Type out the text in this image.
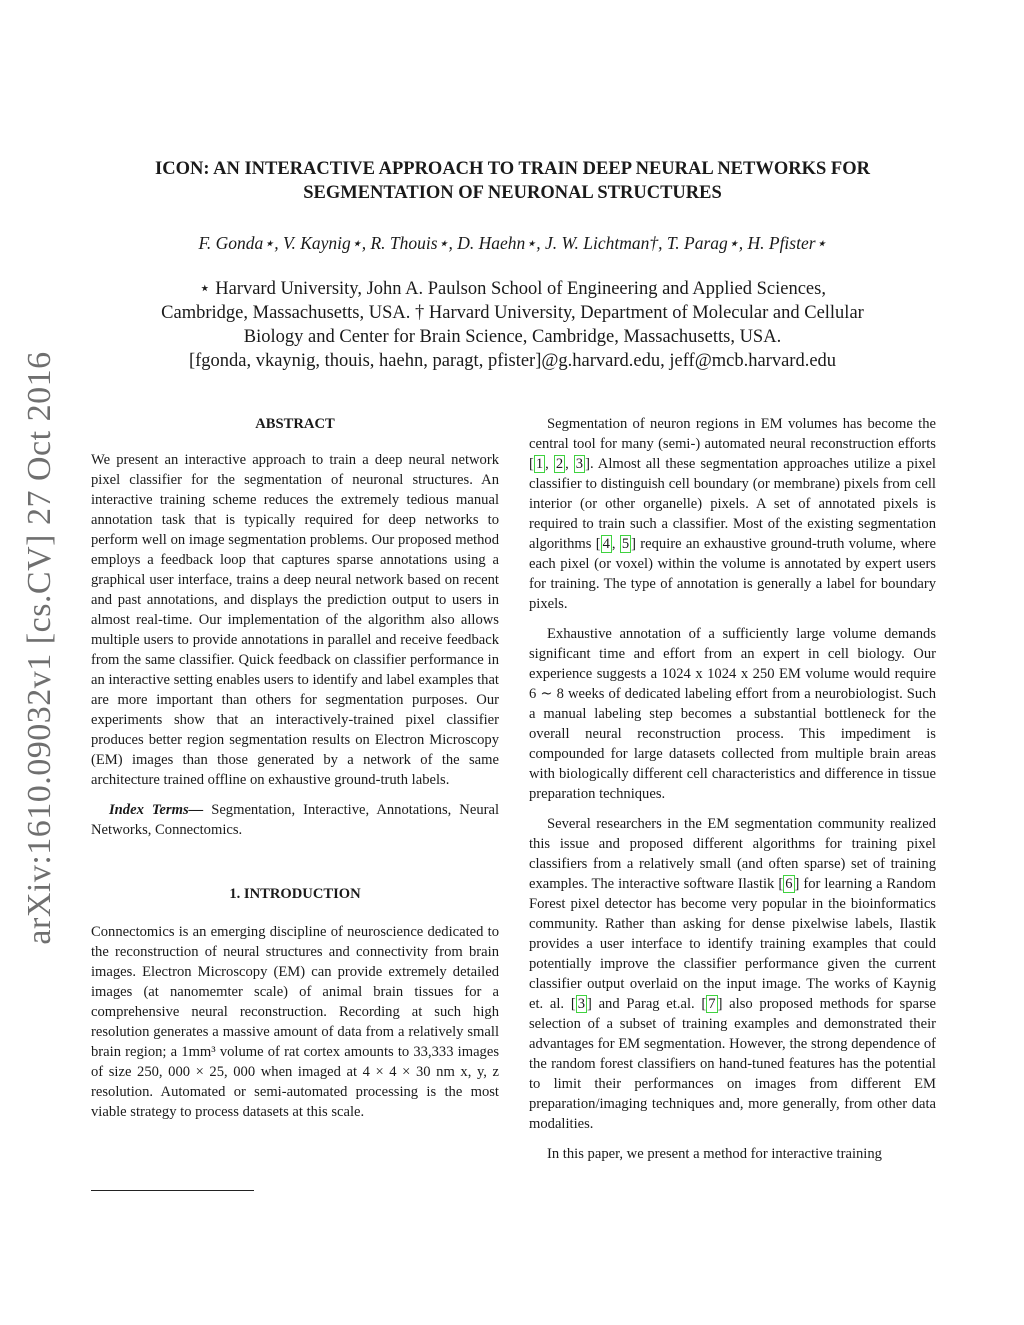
arXiv:1610.09032v1 [cs.CV] 27 Oct 2016
ICON: AN INTERACTIVE APPROACH TO TRAIN DEEP NEURAL NETWORKS FOR
SEGMENTATION OF NEURONAL STRUCTURES
F. Gonda⋆, V. Kaynig⋆, R. Thouis⋆, D. Haehn⋆, J. W. Lichtman†, T. Parag⋆, H. Pfister⋆
⋆ Harvard University, John A. Paulson School of Engineering and Applied Sciences,
Cambridge, Massachusetts, USA. † Harvard University, Department of Molecular and Cellular
Biology and Center for Brain Science, Cambridge, Massachusetts, USA.
[fgonda, vkaynig, thouis, haehn, paragt, pfister]@g.harvard.edu, jeff@mcb.harvard.edu
ABSTRACT

We present an interactive approach to train a deep neural network pixel classifier for the segmentation of neuronal structures. An interactive training scheme reduces the extremely tedious manual annotation task that is typically required for deep networks to perform well on image segmentation problems. Our proposed method employs a feedback loop that captures sparse annotations using a graphical user interface, trains a deep neural network based on recent and past annotations, and displays the prediction output to users in almost real-time. Our implementation of the algorithm also allows multiple users to provide annotations in parallel and receive feedback from the same classifier. Quick feedback on classifier performance in an interactive setting enables users to identify and label examples that are more important than others for segmentation purposes. Our experiments show that an interactively-trained pixel classifier produces better region segmentation results on Electron Microscopy (EM) images than those generated by a network of the same architecture trained offline on exhaustive ground-truth labels.

Index Terms— Segmentation, Interactive, Annotations, Neural Networks, Connectomics.

1. INTRODUCTION

Connectomics is an emerging discipline of neuroscience dedicated to the reconstruction of neural structures and connectivity from brain images. Electron Microscopy (EM) can provide extremely detailed images (at nanomemter scale) of animal brain tissues for a comprehensive neural reconstruction. Recording at such high resolution generates a massive amount of data from a relatively small brain region; a 1mm³ volume of rat cortex amounts to 33,333 images of size 250, 000 × 25, 000 when imaged at 4 × 4 × 30 nm x, y, z resolution. Automated or semi-automated processing is the most viable strategy to process datasets at this scale.

Segmentation of neuron regions in EM volumes has become the central tool for many (semi-) automated neural reconstruction efforts [ 1 , 2 , 3 ]. Almost all these segmentation approaches utilize a pixel classifier to distinguish cell boundary (or membrane) pixels from cell interior (or other organelle) pixels. A set of annotated pixels is required to train such a classifier. Most of the existing segmentation algorithms [ 4 , 5 ] require an exhaustive ground-truth volume, where each pixel (or voxel) within the volume is annotated by expert users for training. The type of annotation is generally a label for boundary pixels.

Exhaustive annotation of a sufficiently large volume demands significant time and effort from an expert in cell biology. Our experience suggests a 1024 x 1024 x 250 EM volume would require 6 ∼ 8 weeks of dedicated labeling effort from a neurobiologist. Such a manual labeling step becomes a substantial bottleneck for the overall neural reconstruction process. This impediment is compounded for large datasets collected from multiple brain areas with biologically different cell characteristics and difference in tissue preparation techniques.

Several researchers in the EM segmentation community realized this issue and proposed different algorithms for training pixel classifiers from a relatively small (and often sparse) set of training examples. The interactive software Ilastik [ 6 ] for learning a Random Forest pixel detector has become very popular in the bioinformatics community. Rather than asking for dense pixelwise labels, Ilastik provides a user interface to identify training examples that could potentially improve the classifier performance given the current classifier output overlaid on the input image. The works of Kaynig et. al. [ 3 ] and Parag et.al. [ 7 ] also proposed methods for sparse selection of a subset of training examples and demonstrated their advantages for EM segmentation. However, the strong dependence of the random forest classifiers on hand-tuned features has the potential to limit their performances on images from different EM preparation/imaging techniques and, more generally, from other data modalities.

In this paper, we present a method for interactive training
